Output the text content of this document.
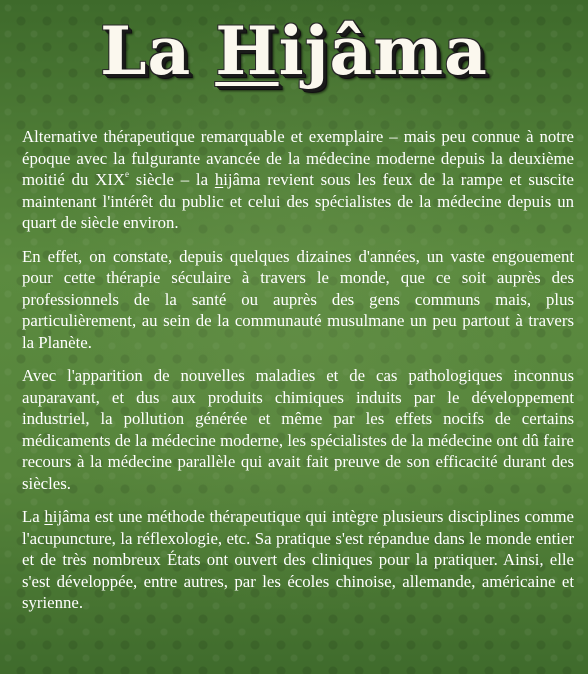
La Hijâma

Alternative thérapeutique remarquable et exemplaire – mais peu connue à notre époque avec la fulgurante avancée de la médecine moderne depuis la deuxième moitié du XIXe siècle – la hijâma revient sous les feux de la rampe et suscite maintenant l'intérêt du public et celui des spécialistes de la médecine depuis un quart de siècle environ.

En effet, on constate, depuis quelques dizaines d'années, un vaste engouement pour cette thérapie séculaire à travers le monde, que ce soit auprès des professionnels de la santé ou auprès des gens communs mais, plus particulièrement, au sein de la communauté musulmane un peu partout à travers la Planète.

Avec l'apparition de nouvelles maladies et de cas pathologiques inconnus auparavant, et dus aux produits chimiques induits par le développement industriel, la pollution générée et même par les effets nocifs de certains médicaments de la médecine moderne, les spécialistes de la médecine ont dû faire recours à la médecine parallèle qui avait fait preuve de son efficacité durant des siècles.

La hijâma est une méthode thérapeutique qui intègre plusieurs disciplines comme l'acupuncture, la réflexologie, etc. Sa pratique s'est répandue dans le monde entier et de très nombreux États ont ouvert des cliniques pour la pratiquer. Ainsi, elle s'est développée, entre autres, par les écoles chinoise, allemande, américaine et syrienne.
